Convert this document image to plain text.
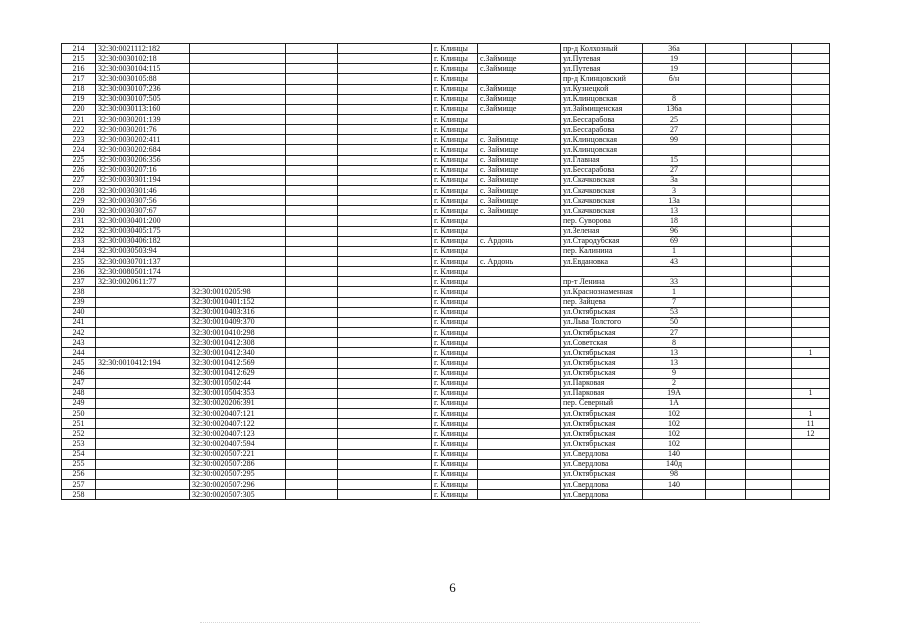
214	32:30:0021112:182				г. Клинцы		пр-д Колхозный	36а			
215	32:30:0030102:18				г. Клинцы	с.Займище	ул.Путевая	19			
216	32:30:0030104:115				г. Клинцы	с.Займище	ул.Путевая	19			
217	32:30:0030105:88				г. Клинцы		пр-д Клинцовский	б/н			
218	32:30:0030107:236				г. Клинцы	с.Займище	ул.Кузнецкой				
219	32:30:0030107:505				г. Клинцы	с.Займище	ул.Клинцовская	8			
220	32:30:0030113:160				г. Клинцы	с.Займище	ул.Займищенская	136а			
221	32:30:0030201:139				г. Клинцы		ул.Бессарабова	25			
222	32:30:0030201:76				г. Клинцы		ул.Бессарабова	27			
223	32:30:0030202:411				г. Клинцы	с. Займище	ул.Клинцовская	99			
224	32:30:0030202:684				г. Клинцы	с. Займище	ул.Клинцовская				
225	32:30:0030206:356				г. Клинцы	с. Займище	ул.Главная	15			
226	32:30:0030207:16				г. Клинцы	с. Займище	ул.Бессарабова	27			
227	32:30:0030301:194				г. Клинцы	с. Займище	ул.Скачковская	3а			
228	32:30:0030301:46				г. Клинцы	с. Займище	ул.Скачковская	3			
229	32:30:0030307:56				г. Клинцы	с. Займище	ул.Скачковская	13а			
230	32:30:0030307:67				г. Клинцы	с. Займище	ул.Скачковская	13			
231	32:30:0030401:200				г. Клинцы		пер. Суворова	18			
232	32:30:0030405:175				г. Клинцы		ул.Зеленая	96			
233	32:30:0030406:182				г. Клинцы	с. Ардонь	ул.Стародубская	69			
234	32:30:0030503:94				г. Клинцы		пер. Калинина	1			
235	32:30:0030701:137				г. Клинцы	с. Ардонь	ул.Евдановка	43			
236	32:30:0080501:174				г. Клинцы						
237	32:30:0020611:77				г. Клинцы		пр-т Ленина	33			
238		32:30:0010205:98			г. Клинцы		ул.Краснознаменная	1			
239		32:30:0010401:152			г. Клинцы		пер. Зайцева	7			
240		32:30:0010403:316			г. Клинцы		ул.Октябрьская	53			
241		32:30:0010409:370			г. Клинцы		ул.Льва Толстого	50			
242		32:30:0010410:298			г. Клинцы		ул.Октябрьская	27			
243		32:30:0010412:308			г. Клинцы		ул.Советская	8			
244		32:30:0010412:340			г. Клинцы		ул.Октябрьская	13			1
245	32:30:0010412:194	32:30:0010412:569			г. Клинцы		ул.Октябрьская	13			
246		32:30:0010412:629			г. Клинцы		ул.Октябрьская	9			
247		32:30:0010502:44			г. Клинцы		ул.Парковая	2			
248		32:30:0010504:353			г. Клинцы		ул.Парковая	19А			1
249		32:30:0020206:391			г. Клинцы		пер. Северный	1А			
250		32:30:0020407:121			г. Клинцы		ул.Октябрьская	102			1
251		32:30:0020407:122			г. Клинцы		ул.Октябрьская	102			11
252		32:30:0020407:123			г. Клинцы		ул.Октябрьская	102			12
253		32:30:0020407:594			г. Клинцы		ул.Октябрьская	102			
254		32:30:0020507:221			г. Клинцы		ул.Свердлова	140			
255		32:30:0020507:286			г. Клинцы		ул.Свердлова	140д			
256		32:30:0020507:295			г. Клинцы		ул.Октябрьская	98			
257		32:30:0020507:296			г. Клинцы		ул.Свердлова	140			
258		32:30:0020507:305			г. Клинцы		ул.Свердлова				
6
